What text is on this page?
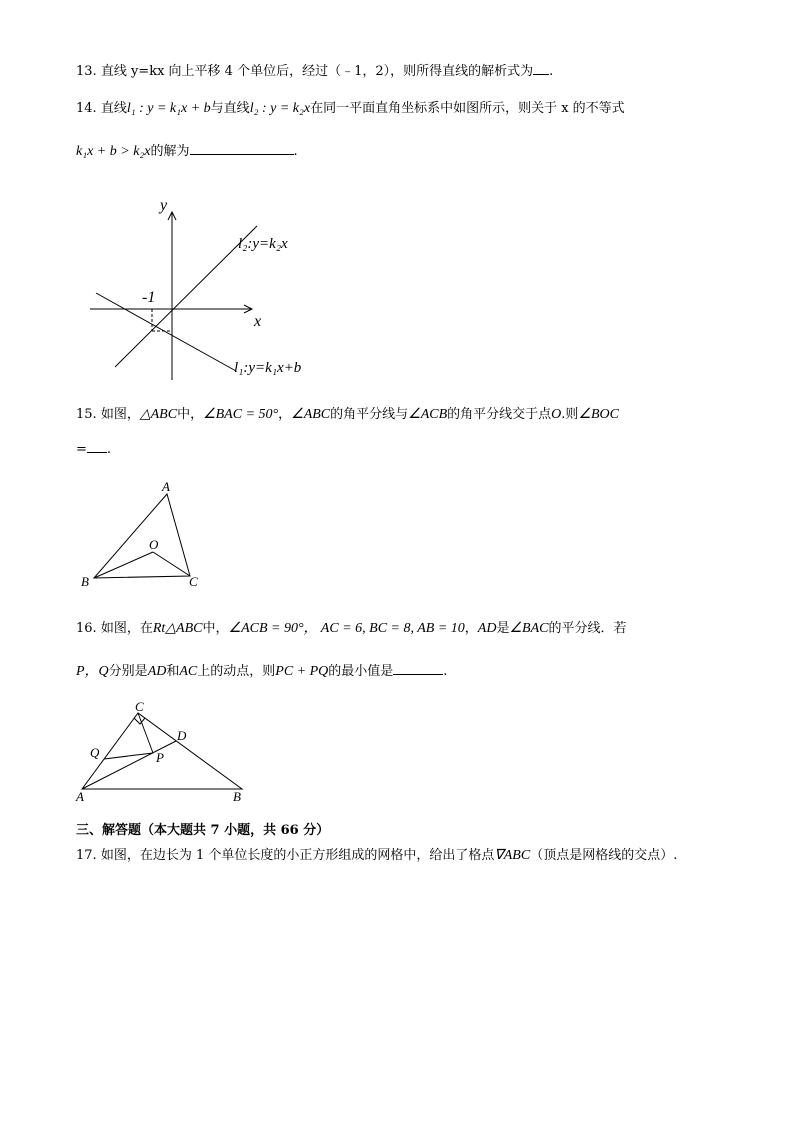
13. 直线 y=kx 向上平移 4 个单位后，经过（﹣1，2），则所得直线的解析式为 .
14. 直线l₁ : y = k₁x + b与直线l₂ : y = k₂x在同一平面直角坐标系中如图所示，则关于 x 的不等式
k₁x + b > k₂x的解为	.
y
x
-1
l₂:y=k₂x
l₁:y=k₁x+b
15. 如图，△ABC中，∠BAC = 50°，∠ABC的角平分线与∠ACB的角平分线交于点O.则∠BOC
= .
A
B	C
O
16. 如图，在Rt△ABC中，∠ACB = 90°， AC = 6, BC = 8, AB = 10，AD是∠BAC的平分线．若
P，Q分别是AD和AC上的动点，则PC + PQ的最小值是	.
C
D
Q	P
A	B
三、解答题（本大题共 7 小题，共 66 分）
17. 如图，在边长为 1 个单位长度的小正方形组成的网格中，给出了格点∇ABC（顶点是网格线的交点）.
